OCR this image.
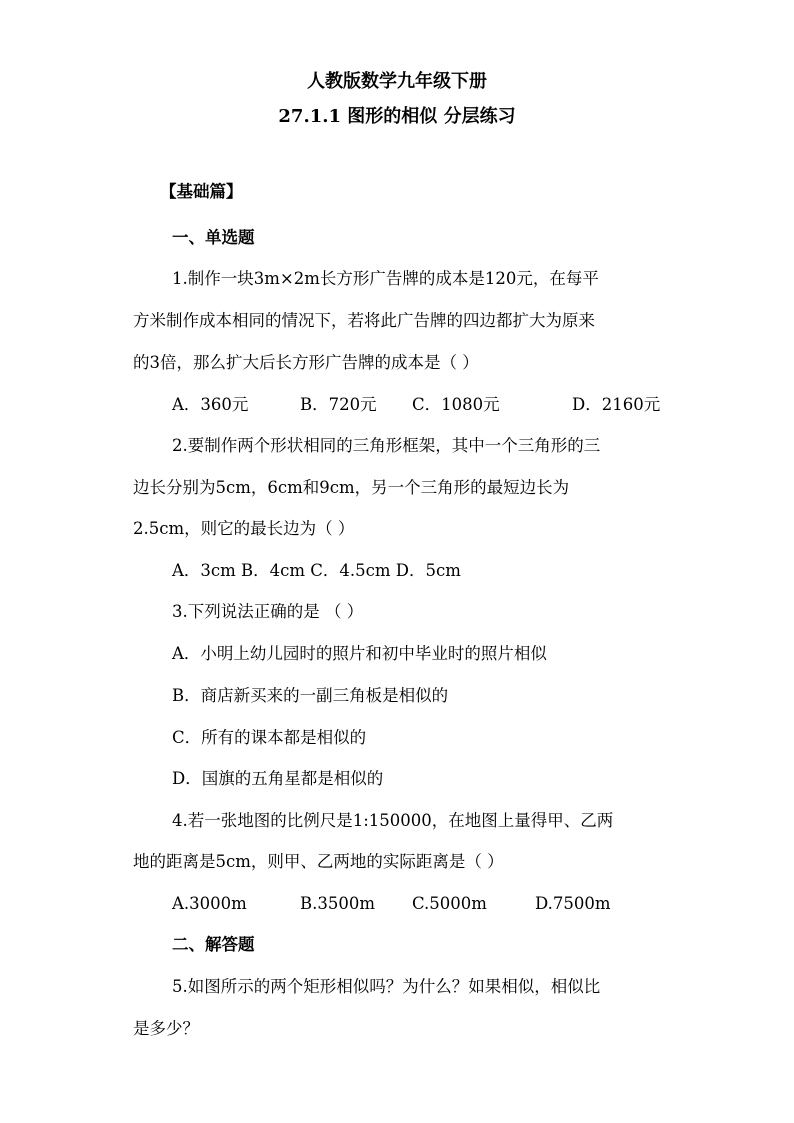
人教版数学九年级下册
27.1.1 图形的相似 分层练习
【基础篇】
一、单选题
1.制作一块3m×2m长方形广告牌的成本是120元，在每平
方米制作成本相同的情况下，若将此广告牌的四边都扩大为原来
的3倍，那么扩大后长方形广告牌的成本是（ ）
A．360元	B．720元 C．1080元	D．2160元
2.要制作两个形状相同的三角形框架，其中一个三角形的三
边长分别为5cm，6cm和9cm，另一个三角形的最短边长为
2.5cm，则它的最长边为（ ）
A．3cm B．4cm C．4.5cm D．5cm
3.下列说法正确的是 （ ）
A．小明上幼儿园时的照片和初中毕业时的照片相似
B．商店新买来的一副三角板是相似的
C．所有的课本都是相似的
D．国旗的五角星都是相似的
4.若一张地图的比例尺是1:150000，在地图上量得甲、乙两
地的距离是5cm，则甲、乙两地的实际距离是（ ）
A.3000m	B.3500m C.5000m	D.7500m
二、解答题
5.如图所示的两个矩形相似吗？为什么？如果相似，相似比
是多少？
